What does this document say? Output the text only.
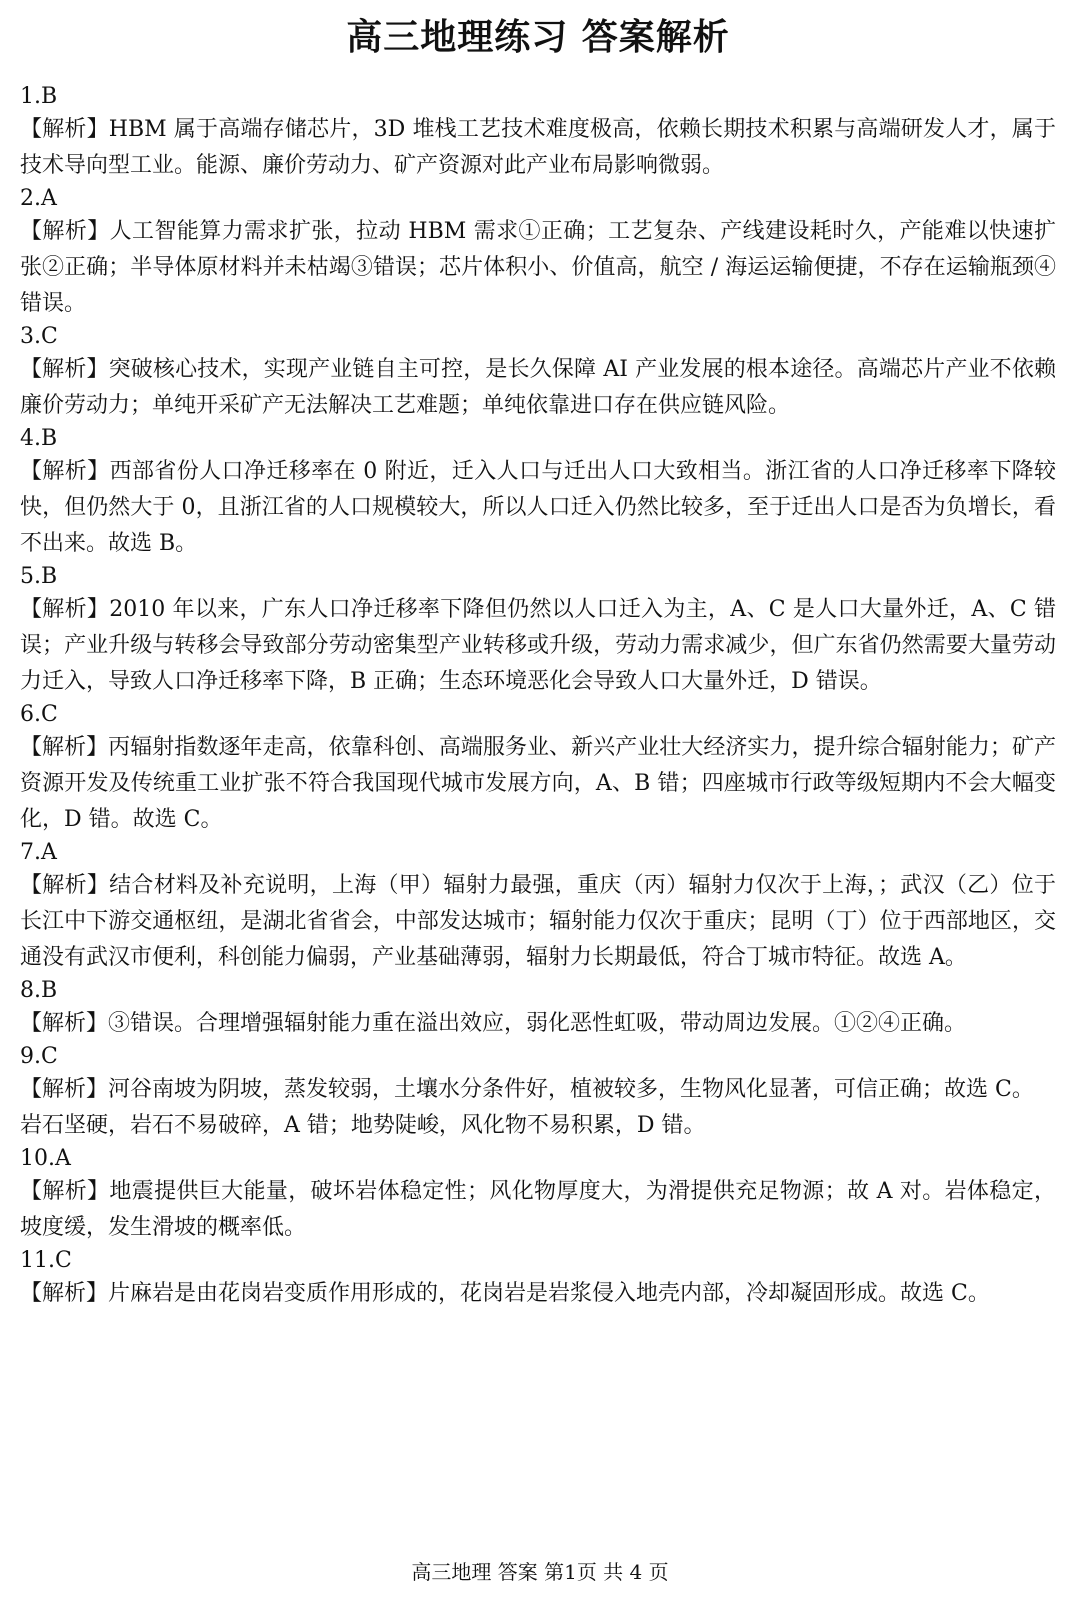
高三地理练习 答案解析
1.B
【解析】HBM 属于高端存储芯片，3D 堆栈工艺技术难度极高，依赖长期技术积累与高端研发人才，属于技术导向型工业。能源、廉价劳动力、矿产资源对此产业布局影响微弱。
2.A
【解析】人工智能算力需求扩张，拉动 HBM 需求①正确；工艺复杂、产线建设耗时久，产能难以快速扩张②正确；半导体原材料并未枯竭③错误；芯片体积小、价值高，航空 / 海运运输便捷，不存在运输瓶颈④错误。
3.C
【解析】突破核心技术，实现产业链自主可控，是长久保障 AI 产业发展的根本途径。高端芯片产业不依赖廉价劳动力；单纯开采矿产无法解决工艺难题；单纯依靠进口存在供应链风险。
4.B
【解析】西部省份人口净迁移率在 0 附近，迁入人口与迁出人口大致相当。浙江省的人口净迁移率下降较快，但仍然大于 0，且浙江省的人口规模较大，所以人口迁入仍然比较多，至于迁出人口是否为负增长，看不出来。故选 B。
5.B
【解析】2010 年以来，广东人口净迁移率下降但仍然以人口迁入为主，A、C 是人口大量外迁，A、C 错误；产业升级与转移会导致部分劳动密集型产业转移或升级，劳动力需求减少，但广东省仍然需要大量劳动力迁入，导致人口净迁移率下降，B 正确；生态环境恶化会导致人口大量外迁，D 错误。
6.C
【解析】丙辐射指数逐年走高，依靠科创、高端服务业、新兴产业壮大经济实力，提升综合辐射能力；矿产资源开发及传统重工业扩张不符合我国现代城市发展方向，A、B 错；四座城市行政等级短期内不会大幅变化，D 错。故选 C。
7.A
【解析】结合材料及补充说明，上海（甲）辐射力最强，重庆（丙）辐射力仅次于上海，；武汉（乙）位于长江中下游交通枢纽，是湖北省省会，中部发达城市；辐射能力仅次于重庆；昆明（丁）位于西部地区，交通没有武汉市便利，科创能力偏弱，产业基础薄弱，辐射力长期最低，符合丁城市特征。故选 A。
8.B
【解析】③错误。合理增强辐射能力重在溢出效应，弱化恶性虹吸，带动周边发展。①②④正确。
9.C
【解析】河谷南坡为阴坡，蒸发较弱，土壤水分条件好，植被较多，生物风化显著，可信正确；故选 C。
岩石坚硬，岩石不易破碎，A 错；地势陡峻，风化物不易积累，D 错。
10.A
【解析】地震提供巨大能量，破坏岩体稳定性；风化物厚度大，为滑提供充足物源；故 A 对。岩体稳定，坡度缓，发生滑坡的概率低。
11.C
【解析】片麻岩是由花岗岩变质作用形成的，花岗岩是岩浆侵入地壳内部，冷却凝固形成。故选 C。
高三地理 答案 第1页 共 4 页
